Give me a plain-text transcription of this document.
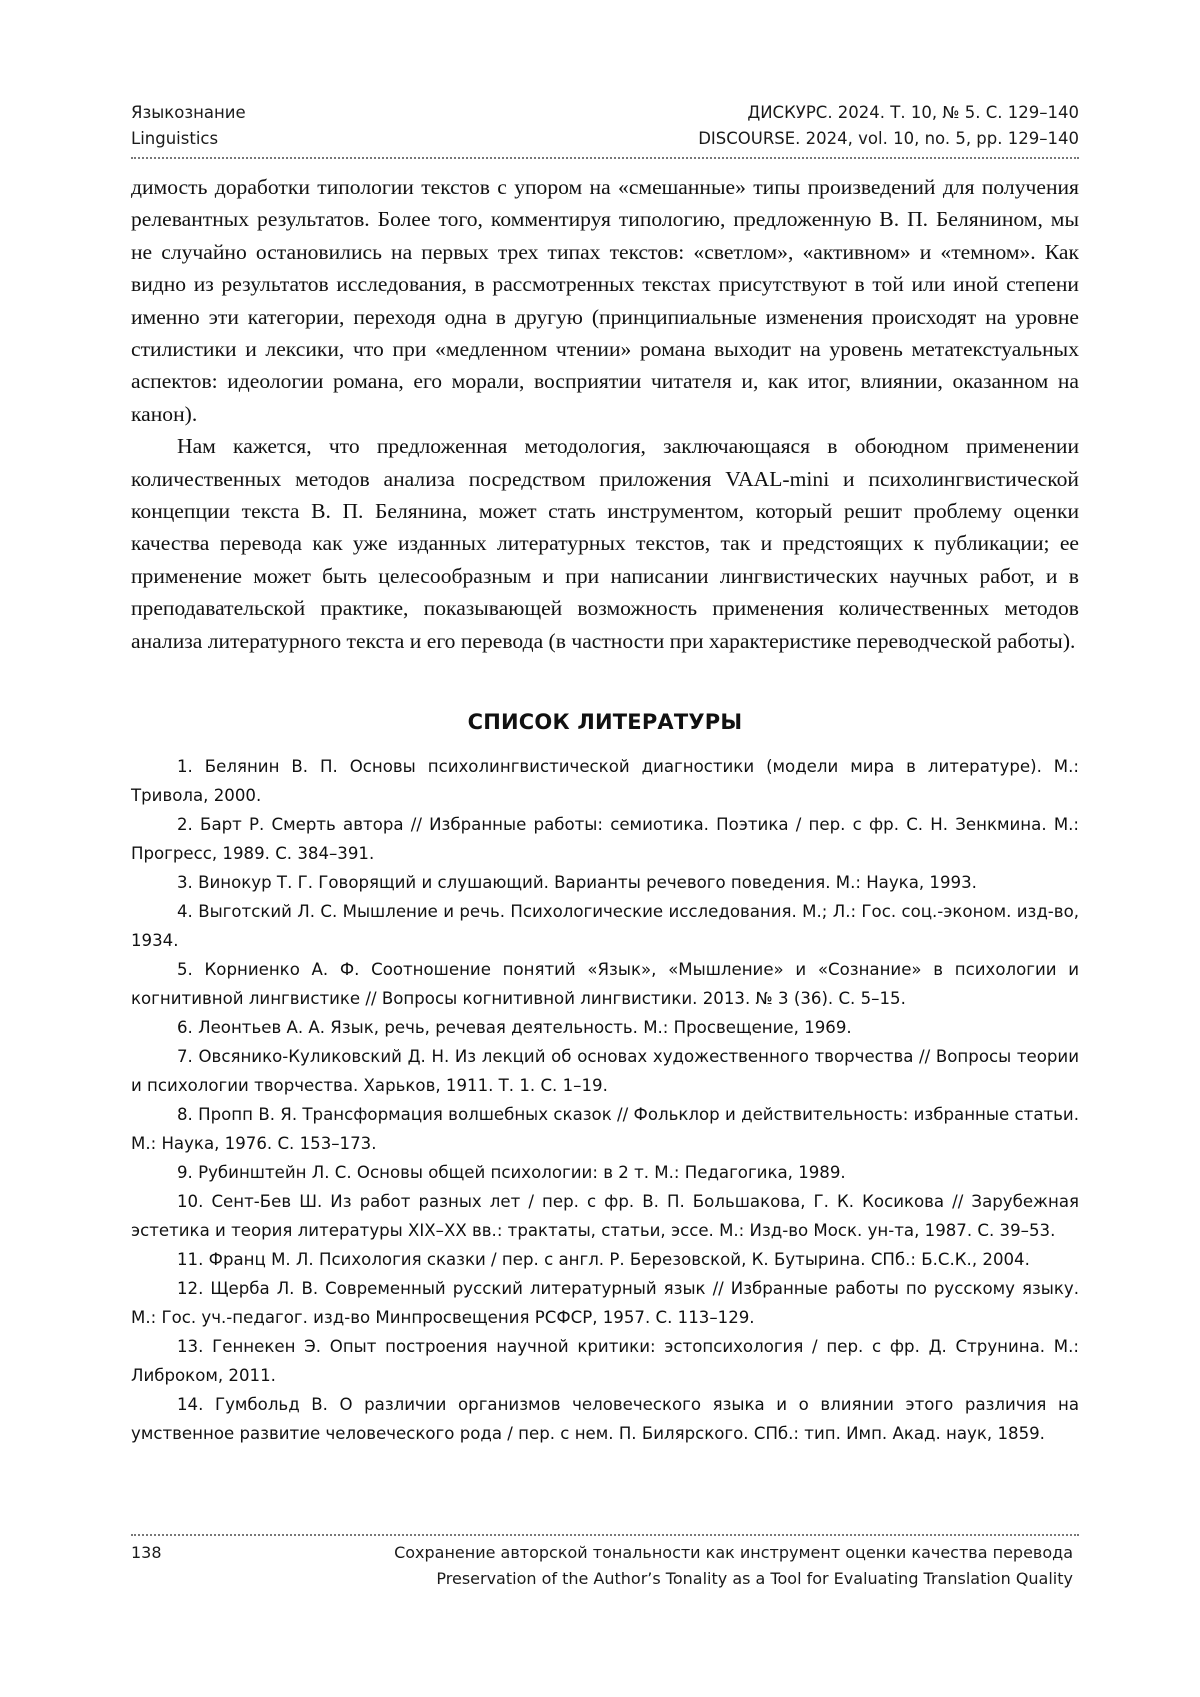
Языкознание
Linguistics
ДИСКУРС. 2024. Т. 10, № 5. С. 129–140
DISCOURSE. 2024, vol. 10, no. 5, pp. 129–140

димость доработки типологии текстов с упором на «смешанные» типы произведений для получения релевантных результатов. Более того, комментируя типологию, предложенную В. П. Белянином, мы не случайно остановились на первых трех типах текстов: «светлом», «активном» и «темном». Как видно из результатов исследования, в рассмотренных текстах присутствуют в той или иной степени именно эти категории, переходя одна в другую (принципиальные изменения происходят на уровне стилистики и лексики, что при «медленном чтении» романа выходит на уровень метатекстуальных аспектов: идеологии романа, его морали, восприятии читателя и, как итог, влиянии, оказанном на канон).

Нам кажется, что предложенная методология, заключающаяся в обоюдном применении количественных методов анализа посредством приложения VAAL-mini и психолингвистической концепции текста В. П. Белянина, может стать инструментом, который решит проблему оценки качества перевода как уже изданных литературных текстов, так и предстоящих к публикации; ее применение может быть целесообразным и при написании лингвистических научных работ, и в преподавательской практике, показывающей возможность применения количественных методов анализа литературного текста и его перевода (в частности при характеристике переводческой работы).

СПИСОК ЛИТЕРАТУРЫ
1. Белянин В. П. Основы психолингвистической диагностики (модели мира в литературе). М.: Тривола, 2000.
2. Барт Р. Смерть автора // Избранные работы: семиотика. Поэтика / пер. с фр. С. Н. Зенкмина. М.: Прогресс, 1989. С. 384–391.
3. Винокур Т. Г. Говорящий и слушающий. Варианты речевого поведения. М.: Наука, 1993.
4. Выготский Л. С. Мышление и речь. Психологические исследования. М.; Л.: Гос. соц.-эконом. изд-во, 1934.
5. Корниенко А. Ф. Соотношение понятий «Язык», «Мышление» и «Сознание» в психологии и когнитивной лингвистике // Вопросы когнитивной лингвистики. 2013. № 3 (36). С. 5–15.
6. Леонтьев А. А. Язык, речь, речевая деятельность. М.: Просвещение, 1969.
7. Овсянико-Куликовский Д. Н. Из лекций об основах художественного творчества // Вопросы теории и психологии творчества. Харьков, 1911. Т. 1. С. 1–19.
8. Пропп В. Я. Трансформация волшебных сказок // Фольклор и действительность: избранные статьи. М.: Наука, 1976. С. 153–173.
9. Рубинштейн Л. С. Основы общей психологии: в 2 т. М.: Педагогика, 1989.
10. Сент-Бев Ш. Из работ разных лет / пер. с фр. В. П. Большакова, Г. К. Косикова // Зарубежная эстетика и теория литературы XIX–XX вв.: трактаты, статьи, эссе. М.: Изд-во Моск. ун-та, 1987. С. 39–53.
11. Франц М. Л. Психология сказки / пер. с англ. Р. Березовской, К. Бутырина. СПб.: Б.С.К., 2004.
12. Щерба Л. В. Современный русский литературный язык // Избранные работы по русскому языку. М.: Гос. уч.-педагог. изд-во Минпросвещения РСФСР, 1957. С. 113–129.
13. Геннекен Э. Опыт построения научной критики: эстопсихология / пер. с фр. Д. Струнина. М.: Либроком, 2011.
14. Гумбольд В. О различии организмов человеческого языка и о влиянии этого различия на умственное развитие человеческого рода / пер. с нем. П. Билярского. СПб.: тип. Имп. Акад. наук, 1859.
138	Сохранение авторской тональности как инструмент оценки качества перевода
Preservation of the Author’s Tonality as a Tool for Evaluating Translation Quality
